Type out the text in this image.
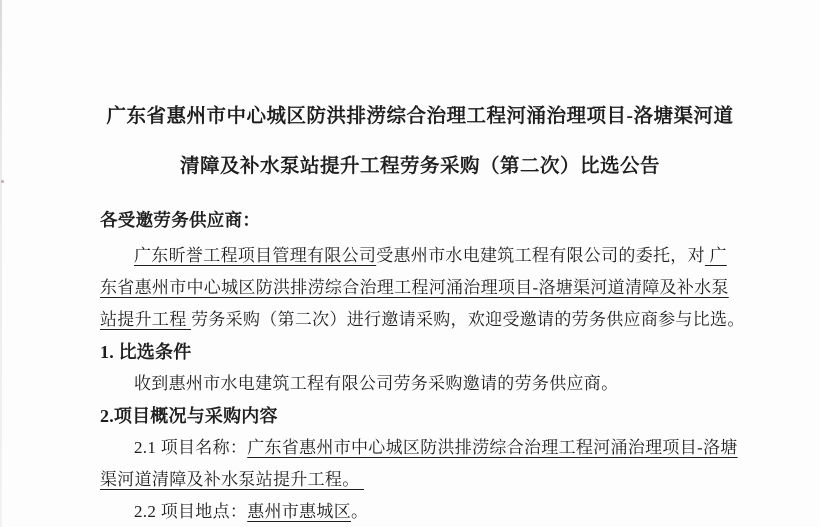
广东省惠州市中心城区防洪排涝综合治理工程河涌治理项目-洛塘渠河道
清障及补水泵站提升工程劳务采购（第二次）比选公告

各受邀劳务供应商：

广东昕誉工程项目管理有限公司受惠州市水电建筑工程有限公司的委托，对 广

东省惠州市中心城区防洪排涝综合治理工程河涌治理项目-洛塘渠河道清障及补水泵

站提升工程 劳务采购（第二次）进行邀请采购，欢迎受邀请的劳务供应商参与比选。

1. 比选条件

收到惠州市水电建筑工程有限公司劳务采购邀请的劳务供应商。

2.项目概况与采购内容

2.1 项目名称：广东省惠州市中心城区防洪排涝综合治理工程河涌治理项目-洛塘

渠河道清障及补水泵站提升工程。

2.2 项目地点：惠州市惠城区。
